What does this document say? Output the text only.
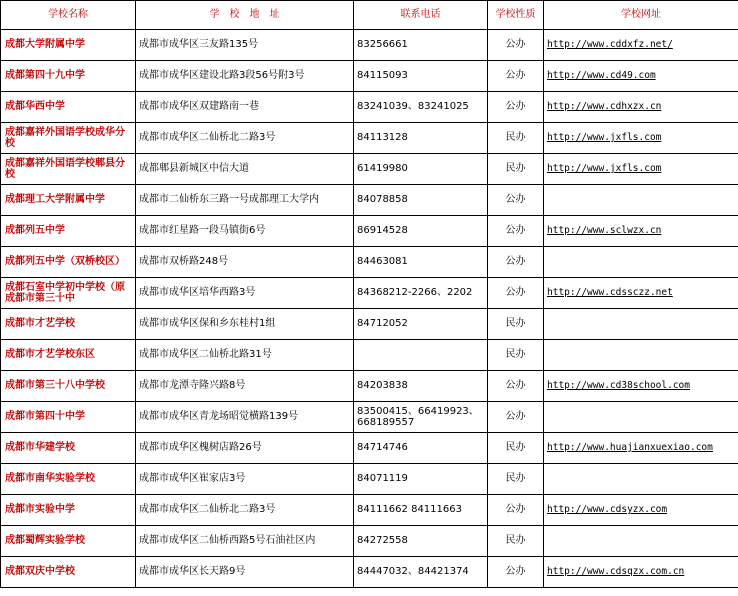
学校名称	学　校　地　址	联系电话	学校性质	学校网址
成都大学附属中学	成都市成华区三友路135号	83256661	公办	http://www.cddxfz.net/
成都第四十九中学	成都市成华区建设北路3段56号附3号	84115093	公办	http://www.cd49.com
成都华西中学	成都市成华区双建路南一巷	83241039、83241025	公办	http://www.cdhxzx.cn
成都嘉祥外国语学校成华分校	成都市成华区二仙桥北二路3号	84113128	民办	http://www.jxfls.com
成都嘉祥外国语学校郫县分校	成都郫县新城区中信大道	61419980	民办	http://www.jxfls.com
成都理工大学附属中学	成都市二仙桥东三路一号成都理工大学内	84078858	公办	
成都列五中学	成都市红星路一段马镇街6号	86914528	公办	http://www.sclwzx.cn
成都列五中学（双桥校区）	成都市双桥路248号	84463081	公办	
成都石室中学初中学校（原成都市第三十中	成都市成华区培华西路3号	84368212-2266、2202	公办	http://www.cdssczz.net
成都市才艺学校	成都市成华区保和乡东桂村1组	84712052	民办	
成都市才艺学校东区	成都市成华区二仙桥北路31号		民办	
成都市第三十八中学校	成都市龙潭寺隆兴路8号	84203838	公办	http://www.cd38school.com
成都市第四十中学	成都市成华区青龙场昭觉横路139号	83500415、66419923、668189557	公办	
成都市华建学校	成都市成华区槐树店路26号	84714746	民办	http://www.huajianxuexiao.com
成都市南华实验学校	成都市成华区崔家店3号	84071119	民办	
成都市实验中学	成都市成华区二仙桥北二路3号	84111662 84111663	公办	http://www.cdsyzx.com
成都蜀辉实验学校	成都市成华区二仙桥西路5号石油社区内	84272558	民办	
成都双庆中学校	成都市成华区长天路9号	84447032、84421374	公办	http://www.cdsqzx.com.cn
